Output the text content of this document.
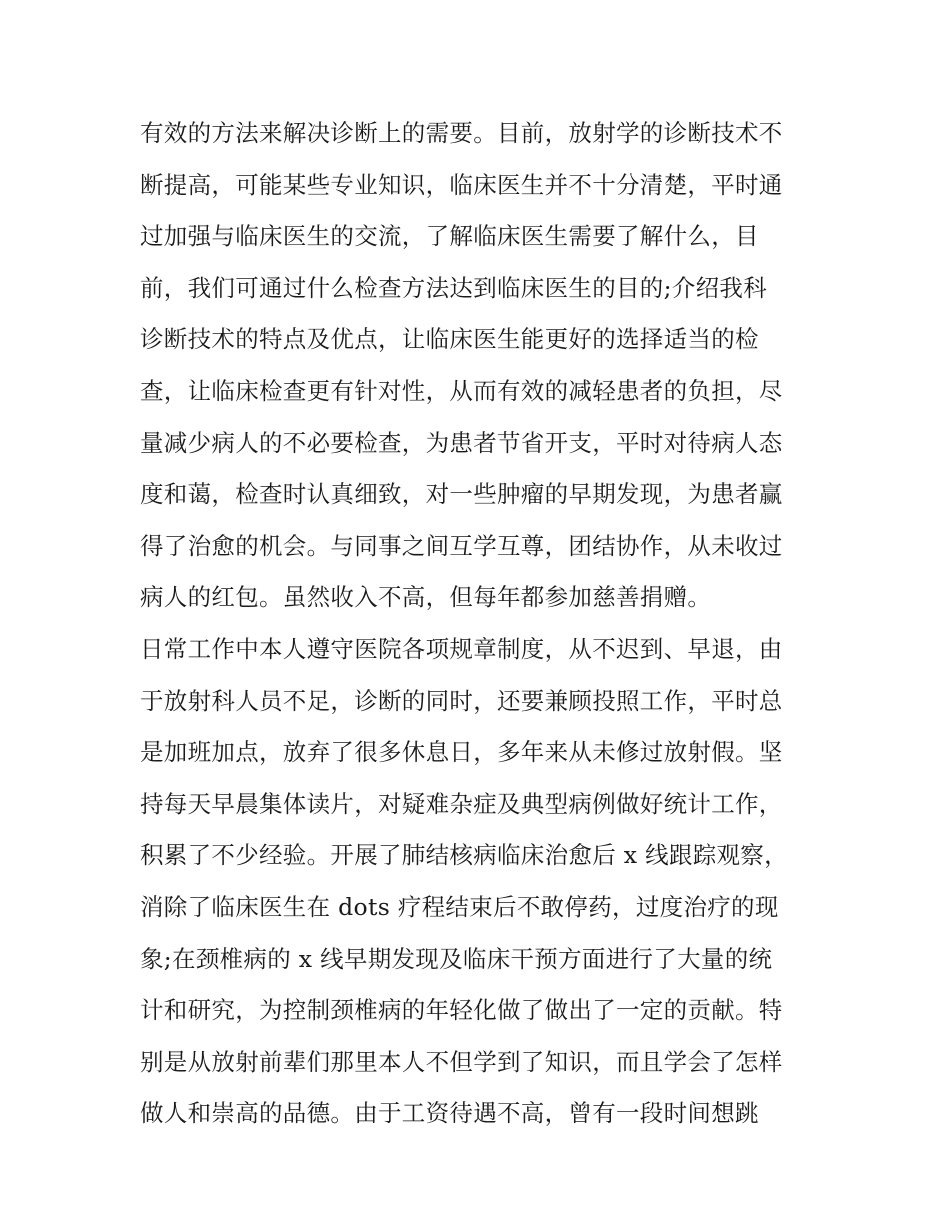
有效的方法来解决诊断上的需要。目前，放射学的诊断技术不
断提高，可能某些专业知识，临床医生并不十分清楚，平时通
过加强与临床医生的交流，了解临床医生需要了解什么，目
前，我们可通过什么检查方法达到临床医生的目的;介绍我科
诊断技术的特点及优点，让临床医生能更好的选择适当的检
查，让临床检查更有针对性，从而有效的减轻患者的负担，尽
量减少病人的不必要检查，为患者节省开支，平时对待病人态
度和蔼，检查时认真细致，对一些肿瘤的早期发现，为患者赢
得了治愈的机会。与同事之间互学互尊，团结协作，从未收过
病人的红包。虽然收入不高，但每年都参加慈善捐赠。
日常工作中本人遵守医院各项规章制度，从不迟到、早退，由
于放射科人员不足，诊断的同时，还要兼顾投照工作，平时总
是加班加点，放弃了很多休息日，多年来从未修过放射假。坚
持每天早晨集体读片，对疑难杂症及典型病例做好统计工作，
积累了不少经验。开展了肺结核病临床治愈后 x 线跟踪观察，
消除了临床医生在 dots 疗程结束后不敢停药，过度治疗的现
象;在颈椎病的 x 线早期发现及临床干预方面进行了大量的统
计和研究，为控制颈椎病的年轻化做了做出了一定的贡献。特
别是从放射前辈们那里本人不但学到了知识，而且学会了怎样
做人和崇高的品德。由于工资待遇不高，曾有一段时间想跳
